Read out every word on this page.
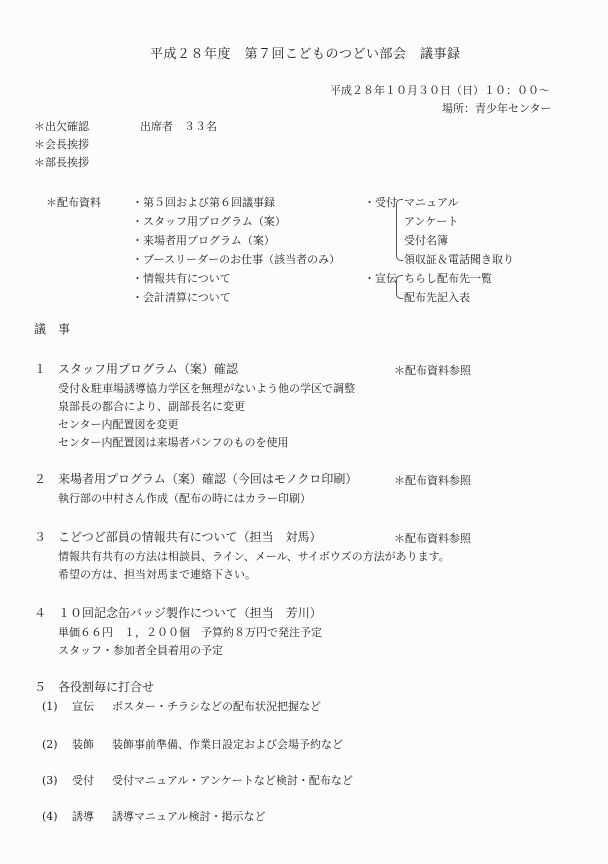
平成２８年度　第７回こどものつどい部会　議事録
平成２８年１０月３０日（日）１０：００～
場所：青少年センター
＊出欠確認	出席者　３３名
＊会長挨拶
＊部長挨拶
＊配布資料	・第５回および第６回議事録
・スタッフ用プログラム（案）
・来場者用プログラム（案）
・ブースリーダーのお仕事（該当者のみ）
・情報共有について
・会計清算について
・受付 マニュアル
アンケート
受付名簿
領収証＆電話聞き取り
・宣伝 ちらし配布先一覧
配布先記入表
議　事
１ スタッフ用プログラム（案）確認	＊配布資料参照
受付＆駐車場誘導協力学区を無理がないよう他の学区で調整
泉部長の都合により、副部長名に変更
センター内配置図を変更
センター内配置図は来場者パンフのものを使用
２ 来場者用プログラム（案）確認（今回はモノクロ印刷）	＊配布資料参照
執行部の中村さん作成（配布の時にはカラー印刷）
３ こどつど部員の情報共有について（担当　対馬）	＊配布資料参照
情報共有共有の方法は相談員、ライン、メール、サイボウズの方法があります。
希望の方は、担当対馬まで連絡下さい。
４ １０回記念缶バッジ製作について（担当　芳川）
単価６６円　１，２００個　予算約８万円で発注予定
スタッフ・参加者全員着用の予定
５ 各役割毎に打合せ
(1) 宣伝 ポスター・チラシなどの配布状況把握など
(2) 装飾 装飾事前準備、作業日設定および会場予約など
(3) 受付 受付マニュアル・アンケートなど検討・配布など
(4) 誘導 誘導マニュアル検討・掲示など
